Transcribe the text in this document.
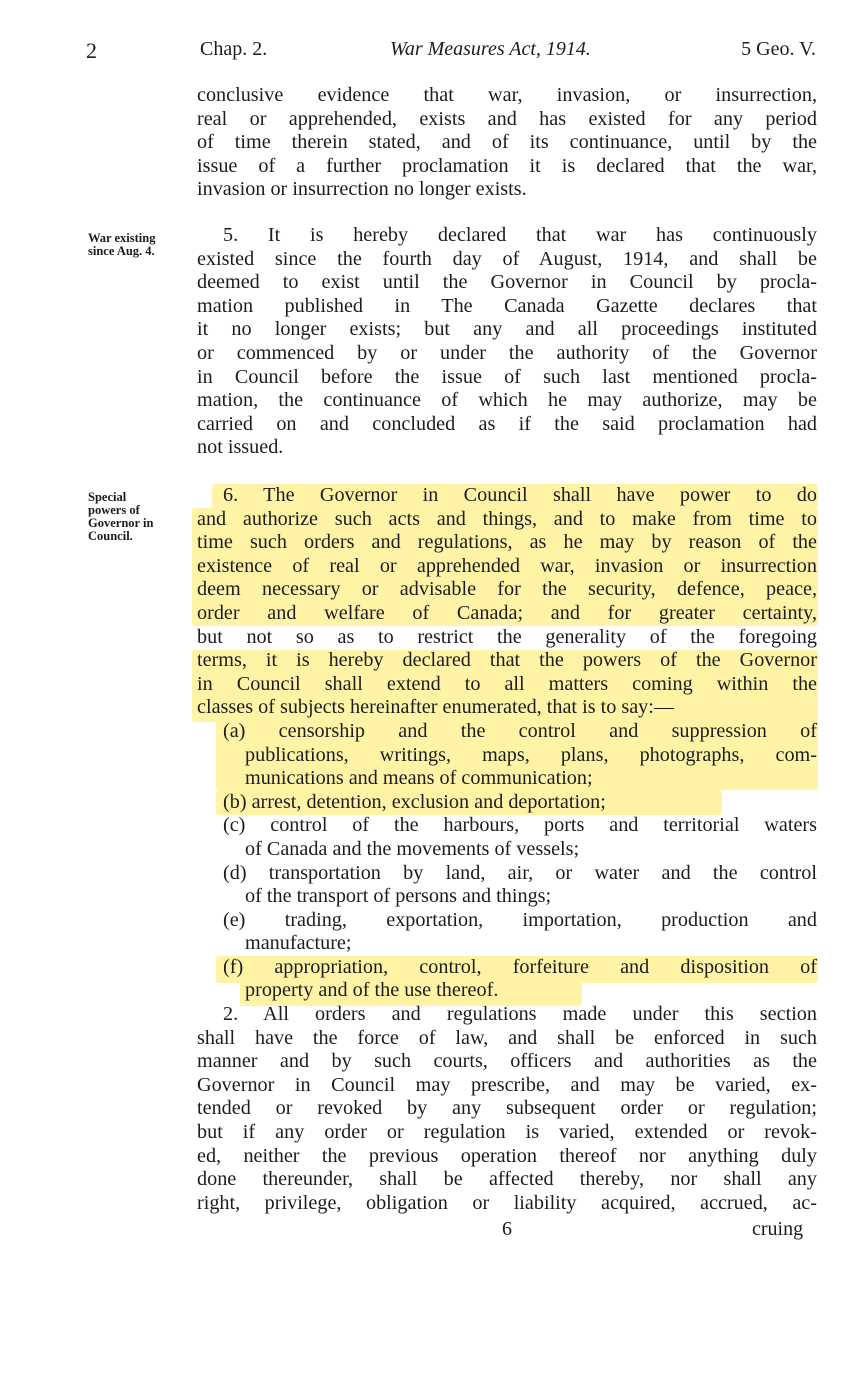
2	Chap. 2.	War Measures Act, 1914.	5 Geo. V.
conclusive evidence that war, invasion, or insurrection,
real or apprehended, exists and has existed for any period
of time therein stated, and of its continuance, until by the
issue of a further proclamation it is declared that the war,
invasion or insurrection no longer exists.
War existing
since Aug. 4.
5. It is hereby declared that war has continuously
existed since the fourth day of August, 1914, and shall be
deemed to exist until the Governor in Council by procla-
mation published in The Canada Gazette declares that
it no longer exists; but any and all proceedings instituted
or commenced by or under the authority of the Governor
in Council before the issue of such last mentioned procla-
mation, the continuance of which he may authorize, may be
carried on and concluded as if the said proclamation had
not issued.
Special
powers of
Governor in
Council.
6. The Governor in Council shall have power to do
and authorize such acts and things, and to make from time to
time such orders and regulations, as he may by reason of the
existence of real or apprehended war, invasion or insurrection
deem necessary or advisable for the security, defence, peace,
order and welfare of Canada; and for greater certainty,
but not so as to restrict the generality of the foregoing
terms, it is hereby declared that the powers of the Governor
in Council shall extend to all matters coming within the
classes of subjects hereinafter enumerated, that is to say:—
(a) censorship and the control and suppression of
publications, writings, maps, plans, photographs, com-
munications and means of communication;
(b) arrest, detention, exclusion and deportation;
(c) control of the harbours, ports and territorial waters
of Canada and the movements of vessels;
(d) transportation by land, air, or water and the control
of the transport of persons and things;
(e) trading, exportation, importation, production and
manufacture;
(f) appropriation, control, forfeiture and disposition of
property and of the use thereof.
2. All orders and regulations made under this section
shall have the force of law, and shall be enforced in such
manner and by such courts, officers and authorities as the
Governor in Council may prescribe, and may be varied, ex-
tended or revoked by any subsequent order or regulation;
but if any order or regulation is varied, extended or revok-
ed, neither the previous operation thereof nor anything duly
done thereunder, shall be affected thereby, nor shall any
right, privilege, obligation or liability acquired, accrued, ac-
6	cruing
